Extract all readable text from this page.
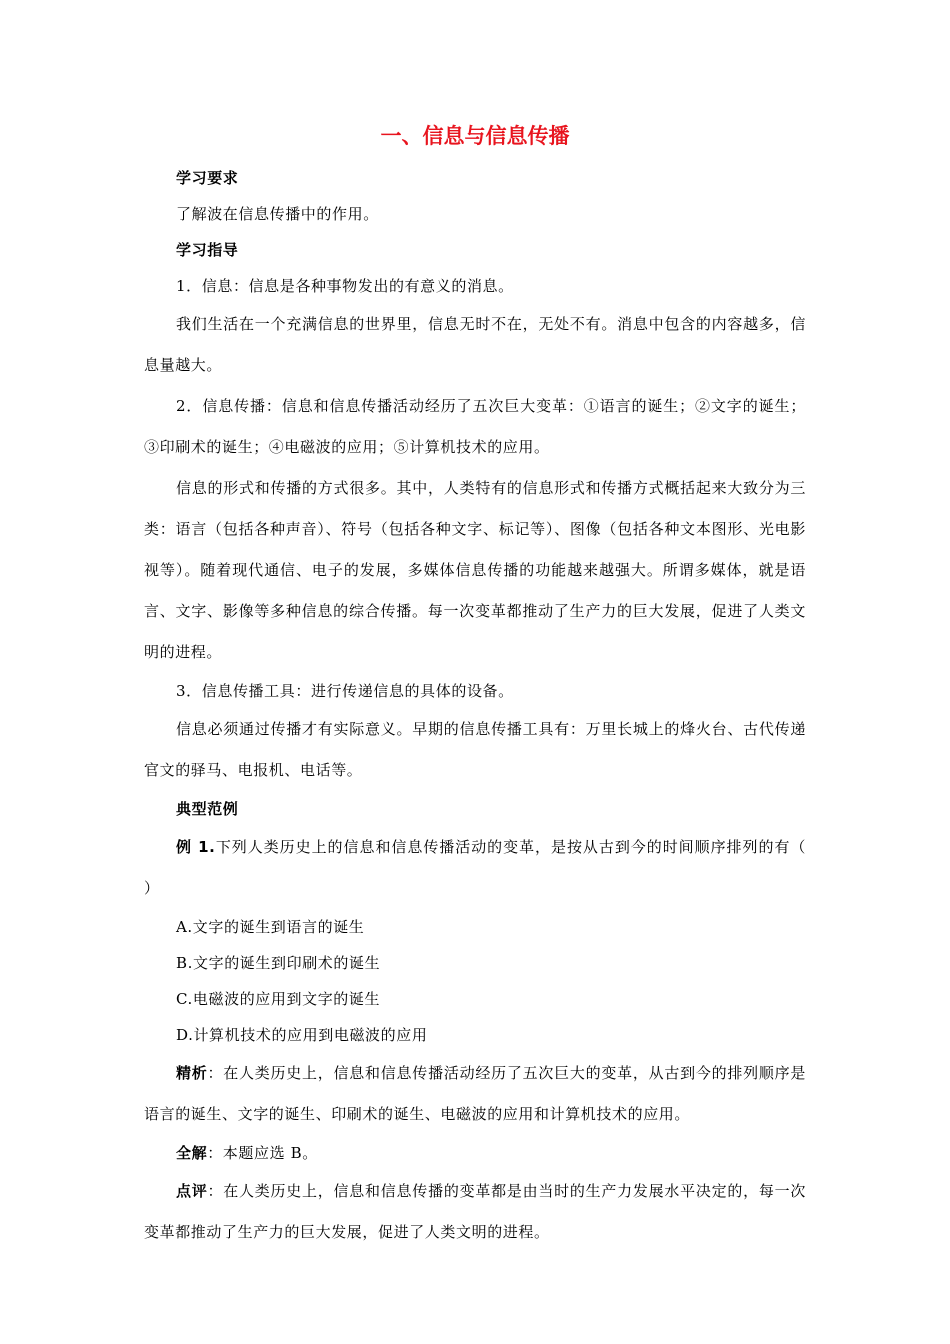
一、信息与信息传播

学习要求

了解波在信息传播中的作用。

学习指导

1．信息：信息是各种事物发出的有意义的消息。

我们生活在一个充满信息的世界里，信息无时不在，无处不有。消息中包含的内容越多，信息量越大。

2．信息传播：信息和信息传播活动经历了五次巨大变革：①语言的诞生；②文字的诞生；③印刷术的诞生；④电磁波的应用；⑤计算机技术的应用。

信息的形式和传播的方式很多。其中，人类特有的信息形式和传播方式概括起来大致分为三类：语言（包括各种声音）、符号（包括各种文字、标记等）、图像（包括各种文本图形、光电影视等）。随着现代通信、电子的发展，多媒体信息传播的功能越来越强大。所谓多媒体，就是语言、文字、影像等多种信息的综合传播。每一次变革都推动了生产力的巨大发展，促进了人类文明的进程。

3．信息传播工具：进行传递信息的具体的设备。

信息必须通过传播才有实际意义。早期的信息传播工具有：万里长城上的烽火台、古代传递官文的驿马、电报机、电话等。

典型范例

例 1.下列人类历史上的信息和信息传播活动的变革，是按从古到今的时间顺序排列的有（　　）

A.文字的诞生到语言的诞生

B.文字的诞生到印刷术的诞生

C.电磁波的应用到文字的诞生

D.计算机技术的应用到电磁波的应用

精析：在人类历史上，信息和信息传播活动经历了五次巨大的变革，从古到今的排列顺序是语言的诞生、文字的诞生、印刷术的诞生、电磁波的应用和计算机技术的应用。

全解：本题应选 B。

点评：在人类历史上，信息和信息传播的变革都是由当时的生产力发展水平决定的，每一次变革都推动了生产力的巨大发展，促进了人类文明的进程。
